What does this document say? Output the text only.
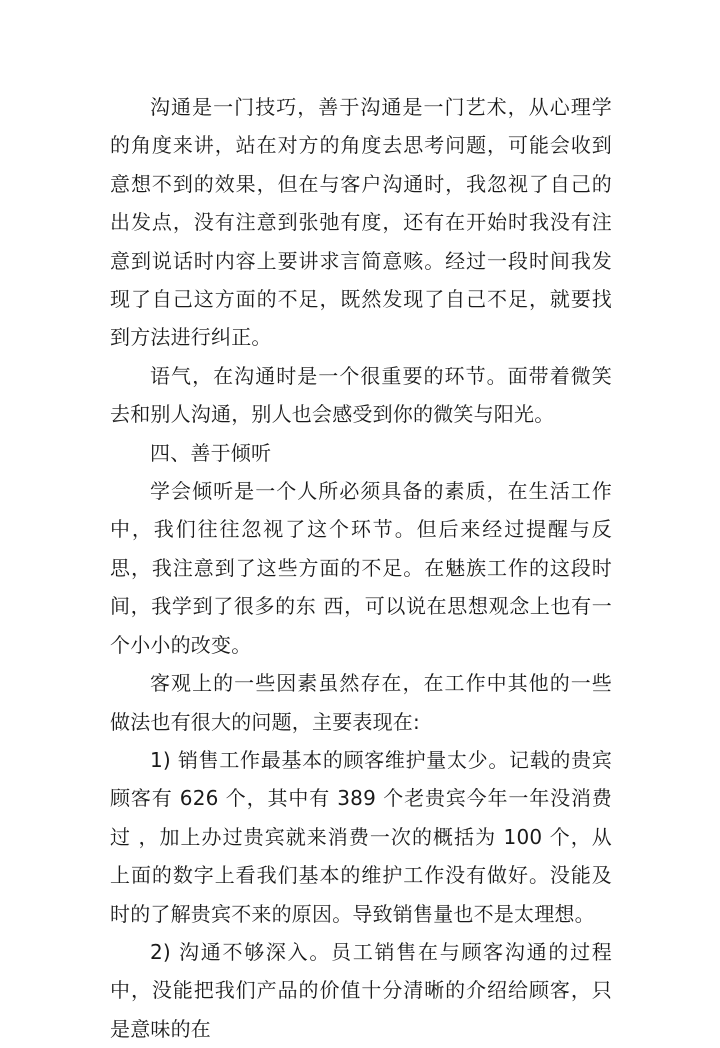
沟通是一门技巧，善于沟通是一门艺术，从心理学的角度来讲，站在对方的角度去思考问题，可能会收到意想不到的效果，但在与客户沟通时，我忽视了自己的出发点，没有注意到张弛有度，还有在开始时我没有注意到说话时内容上要讲求言简意赅。经过一段时间我发现了自己这方面的不足，既然发现了自己不足，就要找到方法进行纠正。

语气，在沟通时是一个很重要的环节。面带着微笑去和别人沟通，别人也会感受到你的微笑与阳光。

四、善于倾听

学会倾听是一个人所必须具备的素质，在生活工作中，我们往往忽视了这个环节。但后来经过提醒与反思，我注意到了这些方面的不足。在魅族工作的这段时间，我学到了很多的东 西，可以说在思想观念上也有一个小小的改变。

客观上的一些因素虽然存在，在工作中其他的一些做法也有很大的问题，主要表现在:

1) 销售工作最基本的顾客维护量太少。记载的贵宾顾客有 626 个，其中有 389 个老贵宾今年一年没消费过 ，加上办过贵宾就来消费一次的概括为 100 个，从上面的数字上看我们基本的维护工作没有做好。没能及时的了解贵宾不来的原因。导致销售量也不是太理想。

2) 沟通不够深入。员工销售在与顾客沟通的过程中，没能把我们产品的价值十分清晰的介绍给顾客，只是意味的在
